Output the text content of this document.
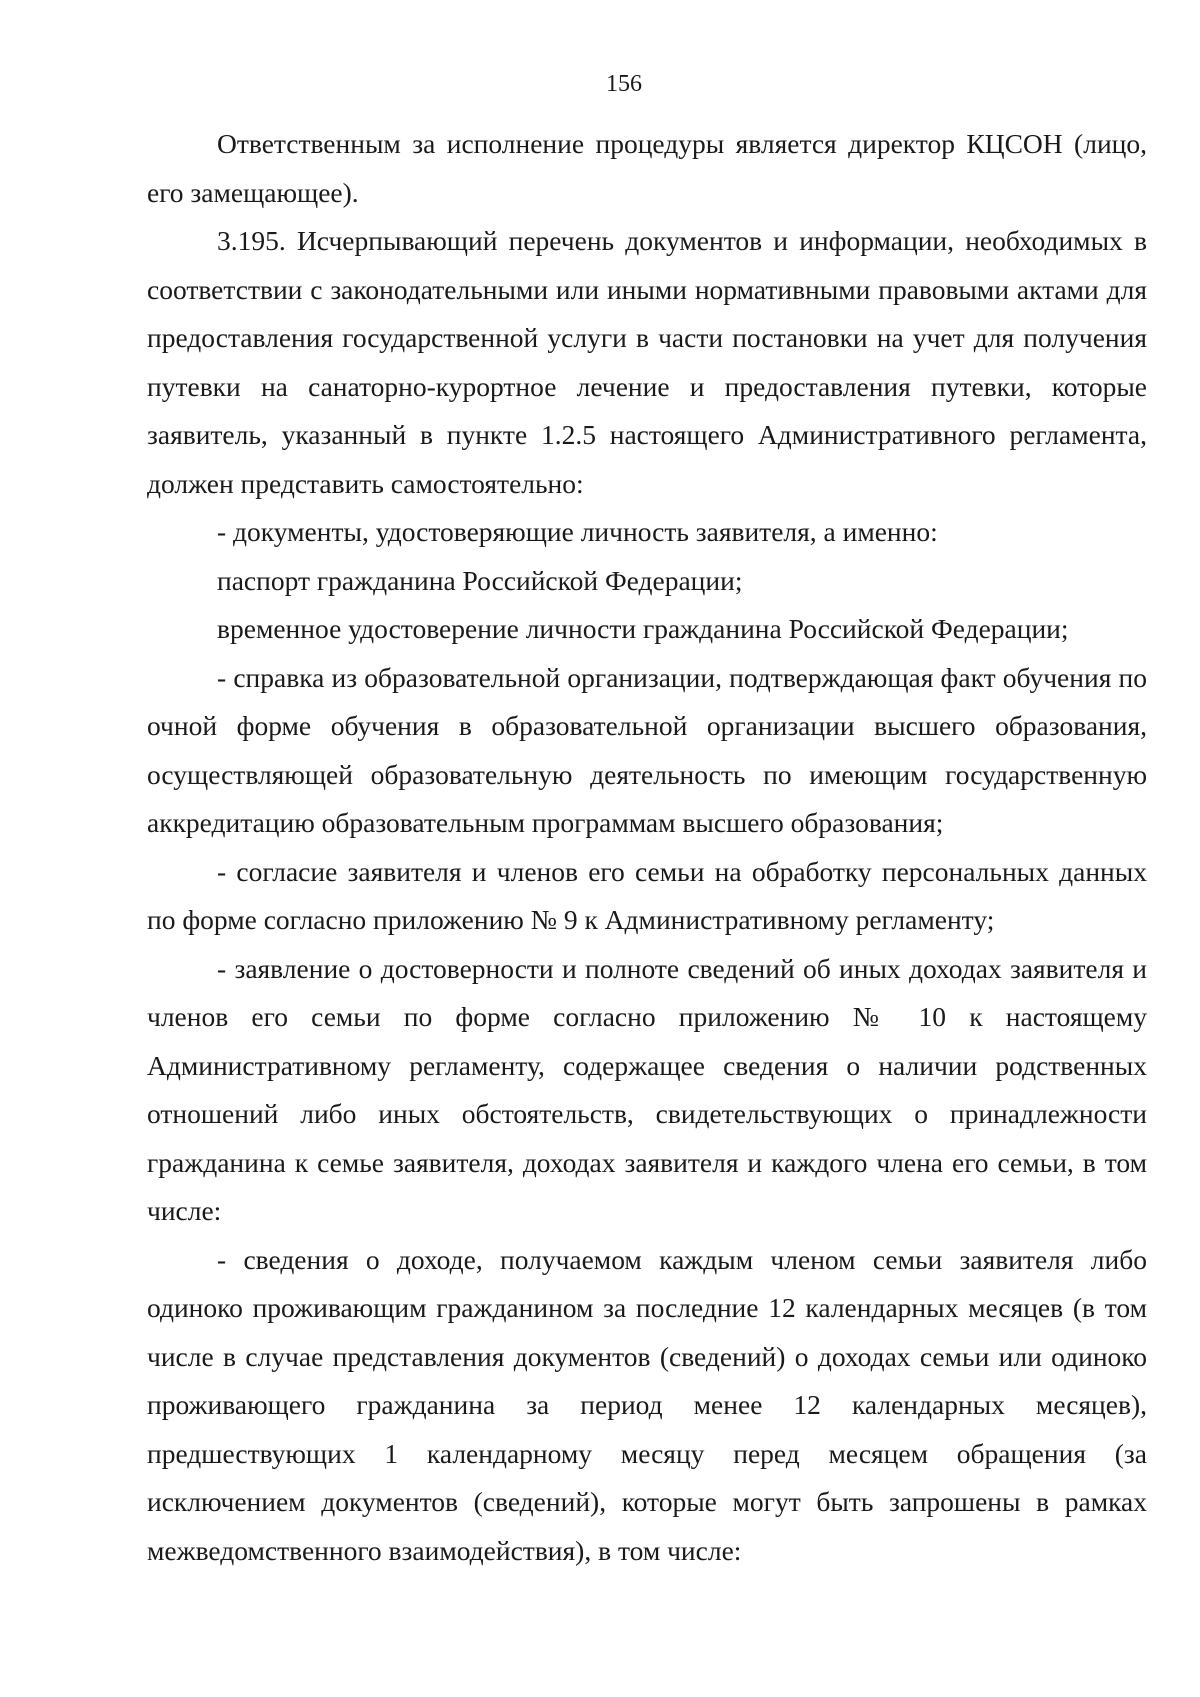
156

Ответственным за исполнение процедуры является директор КЦСОН (лицо, его замещающее).

3.195. Исчерпывающий перечень документов и информации, необходимых в соответствии с законодательными или иными нормативными правовыми актами для предоставления государственной услуги в части постановки на учет для получения путевки на санаторно-курортное лечение и предоставления путевки, которые заявитель, указанный в пункте 1.2.5 настоящего Административного регламента, должен представить самостоятельно:

- документы, удостоверяющие личность заявителя, а именно:

паспорт гражданина Российской Федерации;

временное удостоверение личности гражданина Российской Федерации;

- справка из образовательной организации, подтверждающая факт обучения по очной форме обучения в образовательной организации высшего образования, осуществляющей образовательную деятельность по имеющим государственную аккредитацию образовательным программам высшего образования;

- согласие заявителя и членов его семьи на обработку персональных данных по форме согласно приложению № 9 к Административному регламенту;

- заявление о достоверности и полноте сведений об иных доходах заявителя и членов его семьи по форме согласно приложению № 10 к настоящему Административному регламенту, содержащее сведения о наличии родственных отношений либо иных обстоятельств, свидетельствующих о принадлежности гражданина к семье заявителя, доходах заявителя и каждого члена его семьи, в том числе:

- сведения о доходе, получаемом каждым членом семьи заявителя либо одиноко проживающим гражданином за последние 12 календарных месяцев (в том числе в случае представления документов (сведений) о доходах семьи или одиноко проживающего гражданина за период менее 12 календарных месяцев), предшествующих 1 календарному месяцу перед месяцем обращения (за исключением документов (сведений), которые могут быть запрошены в рамках межведомственного взаимодействия), в том числе:
